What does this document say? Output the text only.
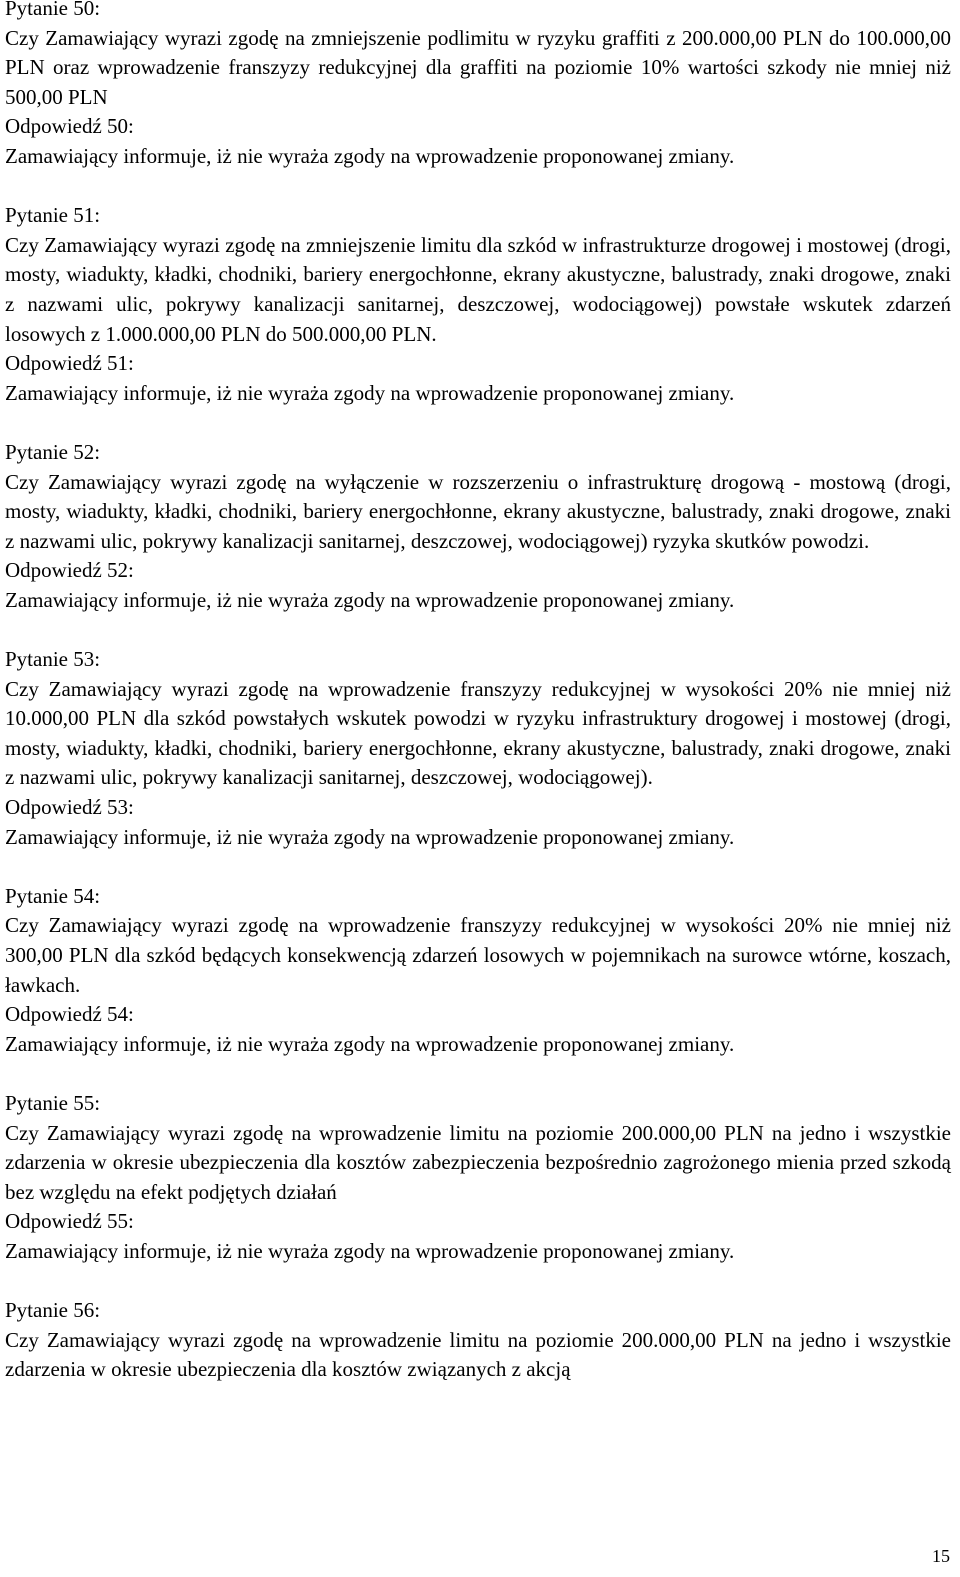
Pytanie 50:

Czy Zamawiający wyrazi zgodę na zmniejszenie podlimitu w ryzyku graffiti z 200.000,00 PLN do 100.000,00 PLN oraz wprowadzenie franszyzy redukcyjnej dla graffiti na poziomie 10% wartości szkody nie mniej niż 500,00 PLN

Odpowiedź 50:

Zamawiający informuje, iż nie wyraża zgody na wprowadzenie proponowanej zmiany.

Pytanie 51:

Czy Zamawiający wyrazi zgodę na zmniejszenie limitu dla szkód w infrastrukturze drogowej i mostowej (drogi, mosty, wiadukty, kładki, chodniki, bariery energochłonne, ekrany akustyczne, balustrady, znaki drogowe, znaki z nazwami ulic, pokrywy kanalizacji sanitarnej, deszczowej, wodociągowej) powstałe wskutek zdarzeń losowych z 1.000.000,00 PLN do 500.000,00 PLN.

Odpowiedź 51:

Zamawiający informuje, iż nie wyraża zgody na wprowadzenie proponowanej zmiany.

Pytanie 52:

Czy Zamawiający wyrazi zgodę na wyłączenie w rozszerzeniu o infrastrukturę drogową - mostową (drogi, mosty, wiadukty, kładki, chodniki, bariery energochłonne, ekrany akustyczne, balustrady, znaki drogowe, znaki z nazwami ulic, pokrywy kanalizacji sanitarnej, deszczowej, wodociągowej) ryzyka skutków powodzi.

Odpowiedź 52:

Zamawiający informuje, iż nie wyraża zgody na wprowadzenie proponowanej zmiany.

Pytanie 53:

Czy Zamawiający wyrazi zgodę na wprowadzenie franszyzy redukcyjnej w wysokości 20% nie mniej niż 10.000,00 PLN dla szkód powstałych wskutek powodzi w ryzyku infrastruktury drogowej i mostowej (drogi, mosty, wiadukty, kładki, chodniki, bariery energochłonne, ekrany akustyczne, balustrady, znaki drogowe, znaki z nazwami ulic, pokrywy kanalizacji sanitarnej, deszczowej, wodociągowej).

Odpowiedź 53:

Zamawiający informuje, iż nie wyraża zgody na wprowadzenie proponowanej zmiany.

Pytanie 54:

Czy Zamawiający wyrazi zgodę na wprowadzenie franszyzy redukcyjnej w wysokości 20% nie mniej niż 300,00 PLN dla szkód będących konsekwencją zdarzeń losowych w pojemnikach na surowce wtórne, koszach, ławkach.

Odpowiedź 54:

Zamawiający informuje, iż nie wyraża zgody na wprowadzenie proponowanej zmiany.

Pytanie 55:

Czy Zamawiający wyrazi zgodę na wprowadzenie limitu na poziomie 200.000,00 PLN na jedno i wszystkie zdarzenia w okresie ubezpieczenia dla kosztów zabezpieczenia bezpośrednio zagrożonego mienia przed szkodą bez względu na efekt podjętych działań

Odpowiedź 55:

Zamawiający informuje, iż nie wyraża zgody na wprowadzenie proponowanej zmiany.

Pytanie 56:

Czy Zamawiający wyrazi zgodę na wprowadzenie limitu na poziomie 200.000,00 PLN na jedno i wszystkie zdarzenia w okresie ubezpieczenia dla kosztów związanych z akcją

15
